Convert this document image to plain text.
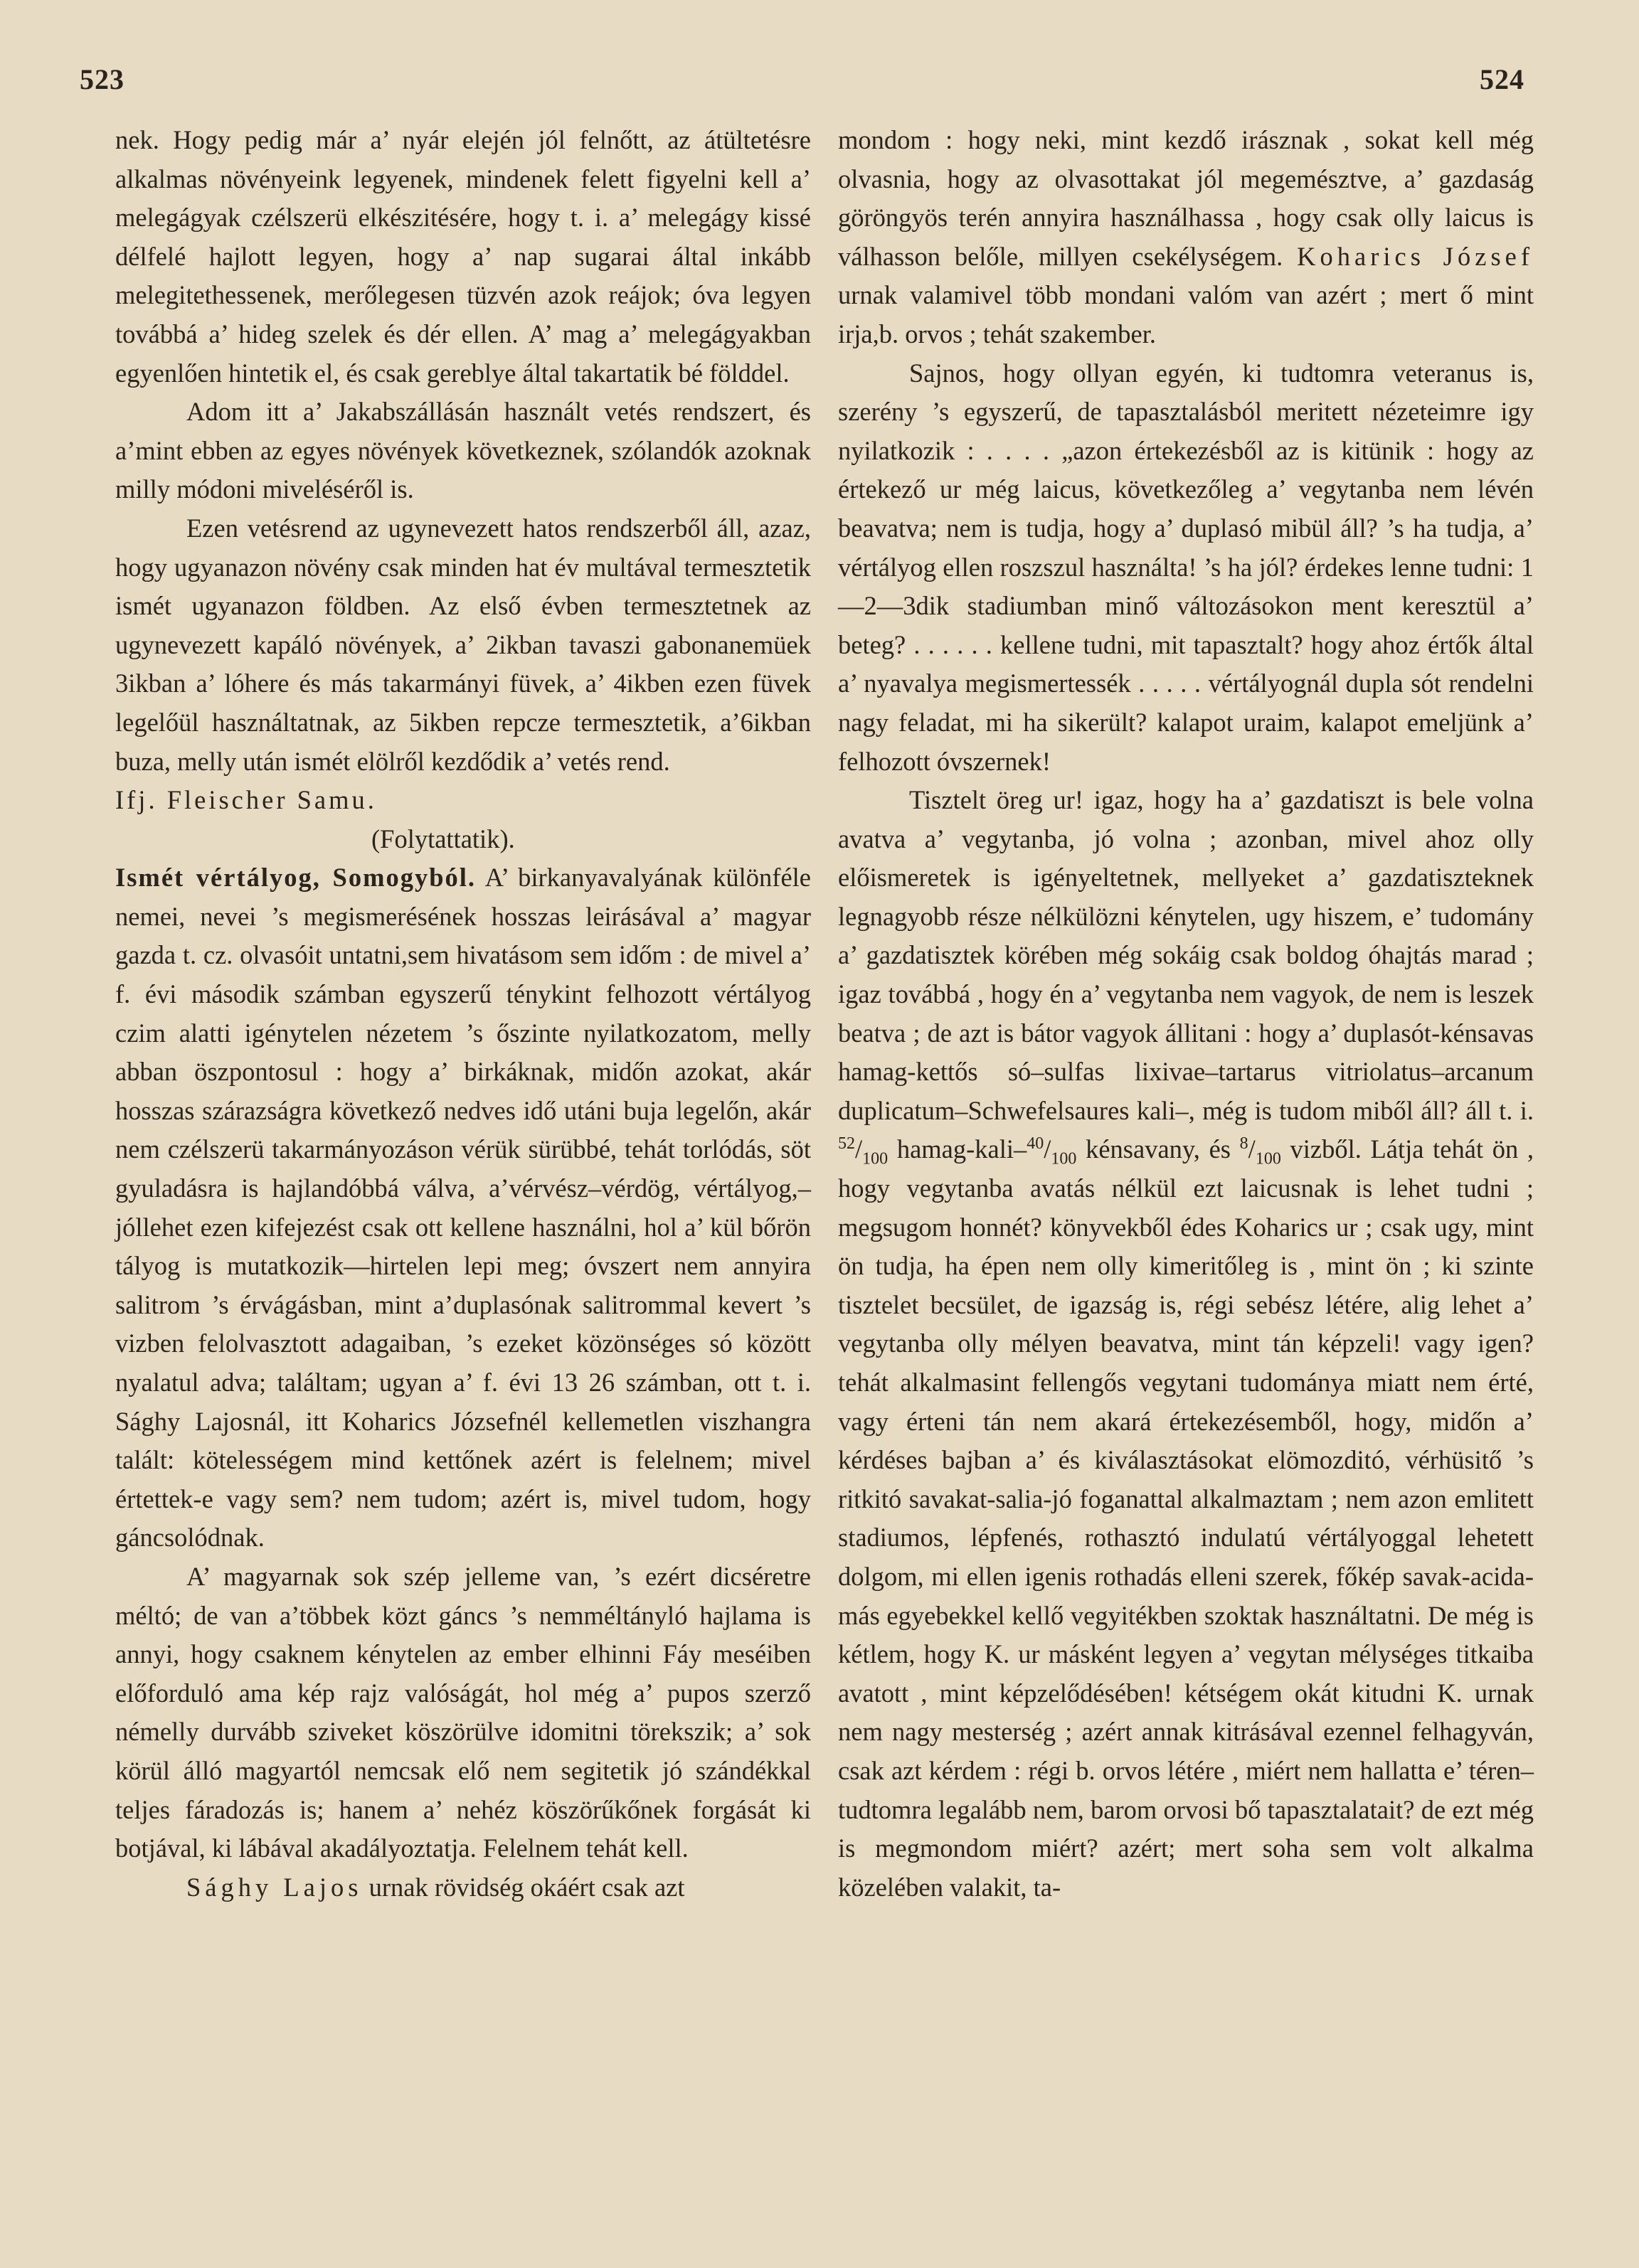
523	524

nek. Hogy pedig már a’ nyár elején jól felnőtt, az átültetésre alkalmas növényeink legyenek, mindenek felett figyelni kell a’ melegágyak czélszerü elkészitésére, hogy t. i. a’ melegágy kissé délfelé hajlott legyen, hogy a’ nap sugarai által inkább melegitethessenek, merőlegesen tüzvén azok reájok; óva legyen továbbá a’ hideg szelek és dér ellen. A’ mag a’ melegágyakban egyenlően hintetik el, és csak gereblye által takartatik bé földdel.

Adom itt a’ Jakabszállásán használt vetés rendszert, és a’mint ebben az egyes növények következnek, szólandók azoknak milly módoni miveléséről is.

Ezen vetésrend az ugynevezett hatos rendszerből áll, azaz, hogy ugyanazon növény csak minden hat év multával termesztetik ismét ugyanazon földben. Az első évben termesztetnek az ugynevezett kapáló növények, a’ 2ikban tavaszi gabonanemüek 3ikban a’ lóhere és más takarmányi füvek, a’ 4ikben ezen füvek legelőül használtatnak, az 5ikben repcze termesztetik, a’6ikban buza, melly után ismét elölről kezdődik a’ vetés rend.

Ifj. Fleischer Samu.

(Folytattatik).

Ismét vértályog, Somogyból. A’ birkanyavalyának különféle nemei, nevei ’s megismerésének hosszas leirásával a’ magyar gazda t. cz. olvasóit untatni,sem hivatásom sem időm : de mivel a’ f. évi második számban egyszerű ténykint felhozott vértályog czim alatti igénytelen nézetem ’s őszinte nyilatkozatom, melly abban öszpontosul : hogy a’ birkáknak, midőn azokat, akár hosszas szárazságra következő nedves idő utáni buja legelőn, akár nem czélszerü takarmányozáson vérük sürübbé, tehát torlódás, söt gyuladásra is hajlandóbbá válva, a’vérvész–vérdög, vértályog,–jóllehet ezen kifejezést csak ott kellene használni, hol a’ kül bőrön tályog is mutatkozik—hirtelen lepi meg; óvszert nem annyira salitrom ’s érvágásban, mint a’duplasónak salitrommal kevert ’s vizben felolvasztott adagaiban, ’s ezeket közönséges só között nyalatul adva; találtam; ugyan a’ f. évi 13 26 számban, ott t. i. Sághy Lajosnál, itt Koharics Józsefnél kellemetlen viszhangra talált: kötelességem mind kettőnek azért is felelnem; mivel értettek-e vagy sem? nem tudom; azért is, mivel tudom, hogy gáncsolódnak.

A’ magyarnak sok szép jelleme van, ’s ezért dicséretre méltó; de van a’többek közt gáncs ’s nemméltányló hajlama is annyi, hogy csaknem kénytelen az ember elhinni Fáy meséiben előforduló ama kép rajz valóságát, hol még a’ pupos szerző némelly durvább sziveket köszörülve idomitni törekszik; a’ sok körül álló magyartól nemcsak elő nem segitetik jó szándékkal teljes fáradozás is; hanem a’ nehéz köszörűkőnek forgását ki botjával, ki lábával akadályoztatja. Felelnem tehát kell.

Sághy Lajos urnak rövidség okáért csak azt

mondom : hogy neki, mint kezdő irásznak , sokat kell még olvasnia, hogy az olvasottakat jól megemésztve, a’ gazdaság göröngyös terén annyira használhassa , hogy csak olly laicus is válhasson belőle, millyen csekélységem. Koharics József urnak valamivel több mondani valóm van azért ; mert ő mint irja,b. orvos ; tehát szakember.

Sajnos, hogy ollyan egyén, ki tudtomra veteranus is, szerény ’s egyszerű, de tapasztalásból meritett nézeteimre igy nyilatkozik : . . . . „azon értekezésből az is kitünik : hogy az értekező ur még laicus, következőleg a’ vegytanba nem lévén beavatva; nem is tudja, hogy a’ duplasó mibül áll? ’s ha tudja, a’ vértályog ellen roszszul használta! ’s ha jól? érdekes lenne tudni: 1—2—3dik stadiumban minő változásokon ment keresztül a’ beteg? . . . . . . kellene tudni, mit tapasztalt? hogy ahoz értők által a’ nyavalya megismertessék . . . . . vértályognál dupla sót rendelni nagy feladat, mi ha sikerült? kalapot uraim, kalapot emeljünk a’ felhozott óvszernek!

Tisztelt öreg ur! igaz, hogy ha a’ gazdatiszt is bele volna avatva a’ vegytanba, jó volna ; azonban, mivel ahoz olly előismeretek is igényeltetnek, mellyeket a’ gazdatiszteknek legnagyobb része nélkülözni kénytelen, ugy hiszem, e’ tudomány a’ gazdatisztek körében még sokáig csak boldog óhajtás marad ; igaz továbbá , hogy én a’ vegytanba nem vagyok, de nem is leszek beatva ; de azt is bátor vagyok állitani : hogy a’ duplasót-kénsavas hamag-kettős só–sulfas lixivae–tartarus vitriolatus–arcanum duplicatum–Schwefelsaures kali–, még is tudom miből áll? áll t. i. $^{52}/_{100}$ hamag-$kali-^{40}/_{100}$ kénsavany, és $^8/_{100}$ vizből. Látja tehát ön , hogy vegytanba avatás nélkül ezt laicusnak is lehet tudni ; megsugom honnét? könyvekből édes Koharics ur ; csak ugy, mint ön tudja, ha épen nem olly kimeritőleg is , mint ön ; ki szinte tisztelet becsület, de igazság is, régi sebész létére, alig lehet a’ vegytanba olly mélyen beavatva, mint tán képzeli! vagy igen? tehát alkalmasint fellengős vegytani tudománya miatt nem érté, vagy érteni tán nem akará értekezésemből, hogy, midőn a’ kérdéses bajban a’ és kiválasztásokat elömozditó, vérhüsitő ’s ritkitó savakat-salia-jó foganattal alkalmaztam ; nem azon emlitett stadiumos, lépfenés, rothasztó indulatú vértályoggal lehetett dolgom, mi ellen igenis rothadás elleni szerek, főkép savak-acida-más egyebekkel kellő vegyitékben szoktak használtatni. De még is kétlem, hogy K. ur másként legyen a’ vegytan mélységes titkaiba avatott , mint képzelődésében! kétségem okát kitudni K. urnak nem nagy mesterség ; azért annak kitrásával ezennel felhagyván, csak azt kérdem : régi b. orvos létére , miért nem hallatta e’ téren–tudtomra legalább nem, barom orvosi bő tapasztalatait? de ezt még is megmondom miért? azért; mert soha sem volt alkalma közelében valakit, ta-
